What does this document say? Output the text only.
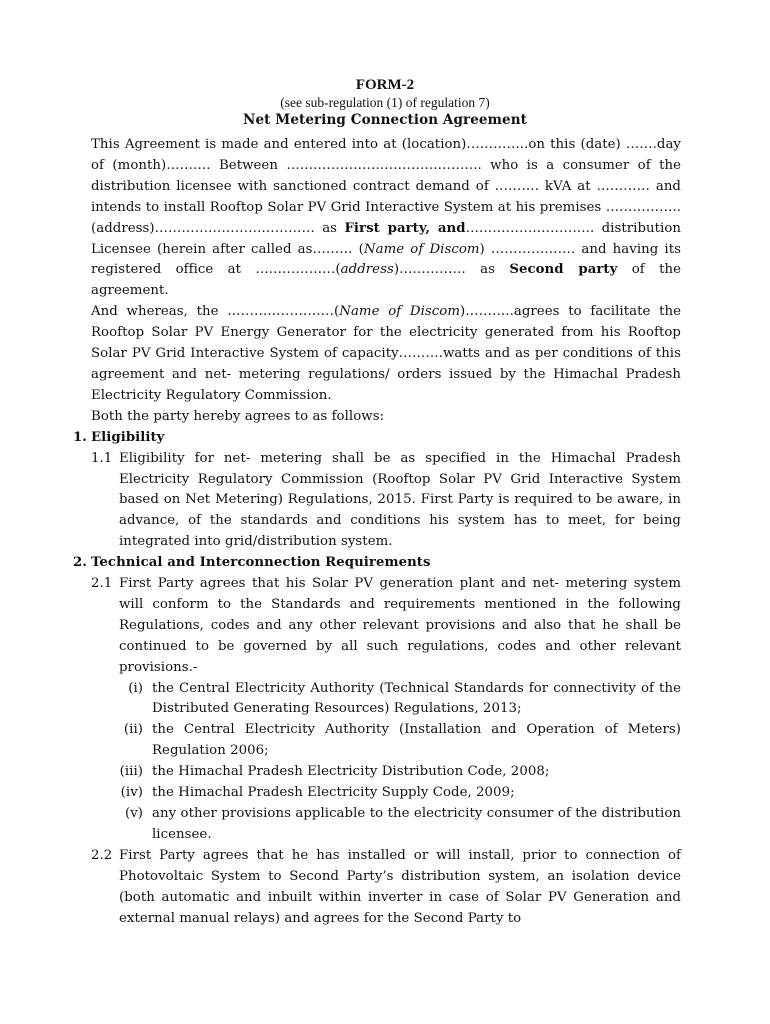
FORM-2
(see sub-regulation (1) of regulation 7)
Net Metering Connection Agreement

This Agreement is made and entered into at (location)…………..on this (date) …….day of (month)………. Between …………………………………….. who is a consumer of the distribution licensee with sanctioned contract demand of ………. kVA at ………… and intends to install Rooftop Solar PV Grid Interactive System at his premises ……………..(address)……………………………… as First party, and……………………….. distribution Licensee (herein after called as……… (Name of Discom) ………………. and having its registered office at ………………(address)…………… as Second party of the agreement.

And whereas, the ……………………(Name of Discom)………..agrees to facilitate the Rooftop Solar PV Energy Generator for the electricity generated from his Rooftop Solar PV Grid Interactive System of capacity……….watts and as per conditions of this agreement and net- metering regulations/ orders issued by the Himachal Pradesh Electricity Regulatory Commission.

Both the party hereby agrees to as follows:

1. Eligibility
1.1 Eligibility for net- metering shall be as specified in the Himachal Pradesh Electricity Regulatory Commission (Rooftop Solar PV Grid Interactive System based on Net Metering) Regulations, 2015. First Party is required to be aware, in advance, of the standards and conditions his system has to meet, for being integrated into grid/distribution system.
2. Technical and Interconnection Requirements
2.1 First Party agrees that his Solar PV generation plant and net- metering system will conform to the Standards and requirements mentioned in the following Regulations, codes and any other relevant provisions and also that he shall be continued to be governed by all such regulations, codes and other relevant provisions.-
(i) the Central Electricity Authority (Technical Standards for connectivity of the Distributed Generating Resources) Regulations, 2013;
(ii) the Central Electricity Authority (Installation and Operation of Meters) Regulation 2006;
(iii) the Himachal Pradesh Electricity Distribution Code, 2008;
(iv) the Himachal Pradesh Electricity Supply Code, 2009;
(v) any other provisions applicable to the electricity consumer of the distribution licensee.
2.2 First Party agrees that he has installed or will install, prior to connection of Photovoltaic System to Second Party’s distribution system, an isolation device (both automatic and inbuilt within inverter in case of Solar PV Generation and external manual relays) and agrees for the Second Party to
